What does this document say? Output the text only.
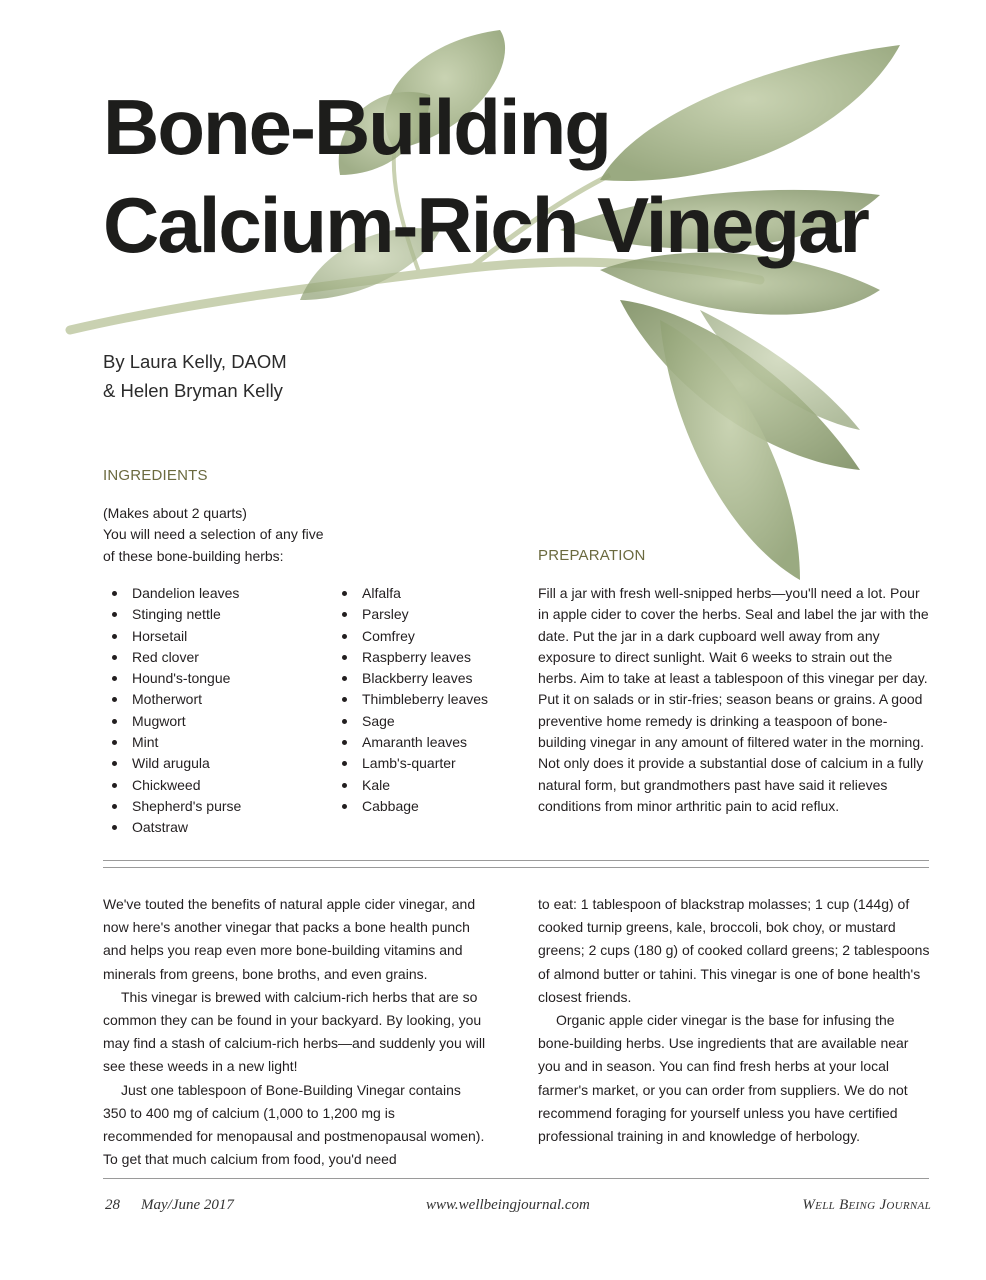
Bone-Building
Calcium-Rich Vinegar
By Laura Kelly, DAOM
& Helen Bryman Kelly
INGREDIENTS
(Makes about 2 quarts)
You will need a selection of any five
of these bone-building herbs:
Dandelion leaves
Stinging nettle
Horsetail
Red clover
Hound's-tongue
Motherwort
Mugwort
Mint
Wild arugula
Chickweed
Shepherd's purse
Oatstraw
Alfalfa
Parsley
Comfrey
Raspberry leaves
Blackberry leaves
Thimbleberry leaves
Sage
Amaranth leaves
Lamb's-quarter
Kale
Cabbage
PREPARATION

Fill a jar with fresh well-snipped herbs—you'll need a lot. Pour in apple cider to cover the herbs. Seal and label the jar with the date. Put the jar in a dark cupboard well away from any exposure to direct sunlight. Wait 6 weeks to strain out the herbs. Aim to take at least a tablespoon of this vinegar per day. Put it on salads or in stir-fries; season beans or grains. A good preventive home remedy is drinking a teaspoon of bone-building vinegar in any amount of filtered water in the morning. Not only does it provide a substantial dose of calcium in a fully natural form, but grandmothers past have said it relieves conditions from minor arthritic pain to acid reflux.

We've touted the benefits of natural apple cider vinegar, and now here's another vinegar that packs a bone health punch and helps you reap even more bone-building vitamins and minerals from greens, bone broths, and even grains.

This vinegar is brewed with calcium-rich herbs that are so common they can be found in your backyard. By looking, you may find a stash of calcium-rich herbs—and suddenly you will see these weeds in a new light!

Just one tablespoon of Bone-Building Vinegar contains 350 to 400 mg of calcium (1,000 to 1,200 mg is recommended for menopausal and postmenopausal women). To get that much calcium from food, you'd need

to eat: 1 tablespoon of blackstrap molasses; 1 cup (144g) of cooked turnip greens, kale, broccoli, bok choy, or mustard greens; 2 cups (180 g) of cooked collard greens; 2 tablespoons of almond butter or tahini. This vinegar is one of bone health's closest friends.

Organic apple cider vinegar is the base for infusing the bone-building herbs. Use ingredients that are available near you and in season. You can find fresh herbs at your local farmer's market, or you can order from suppliers. We do not recommend foraging for yourself unless you have certified professional training in and knowledge of herbology.

28 May/June 2017	www.wellbeingjournal.com	Well Being Journal
